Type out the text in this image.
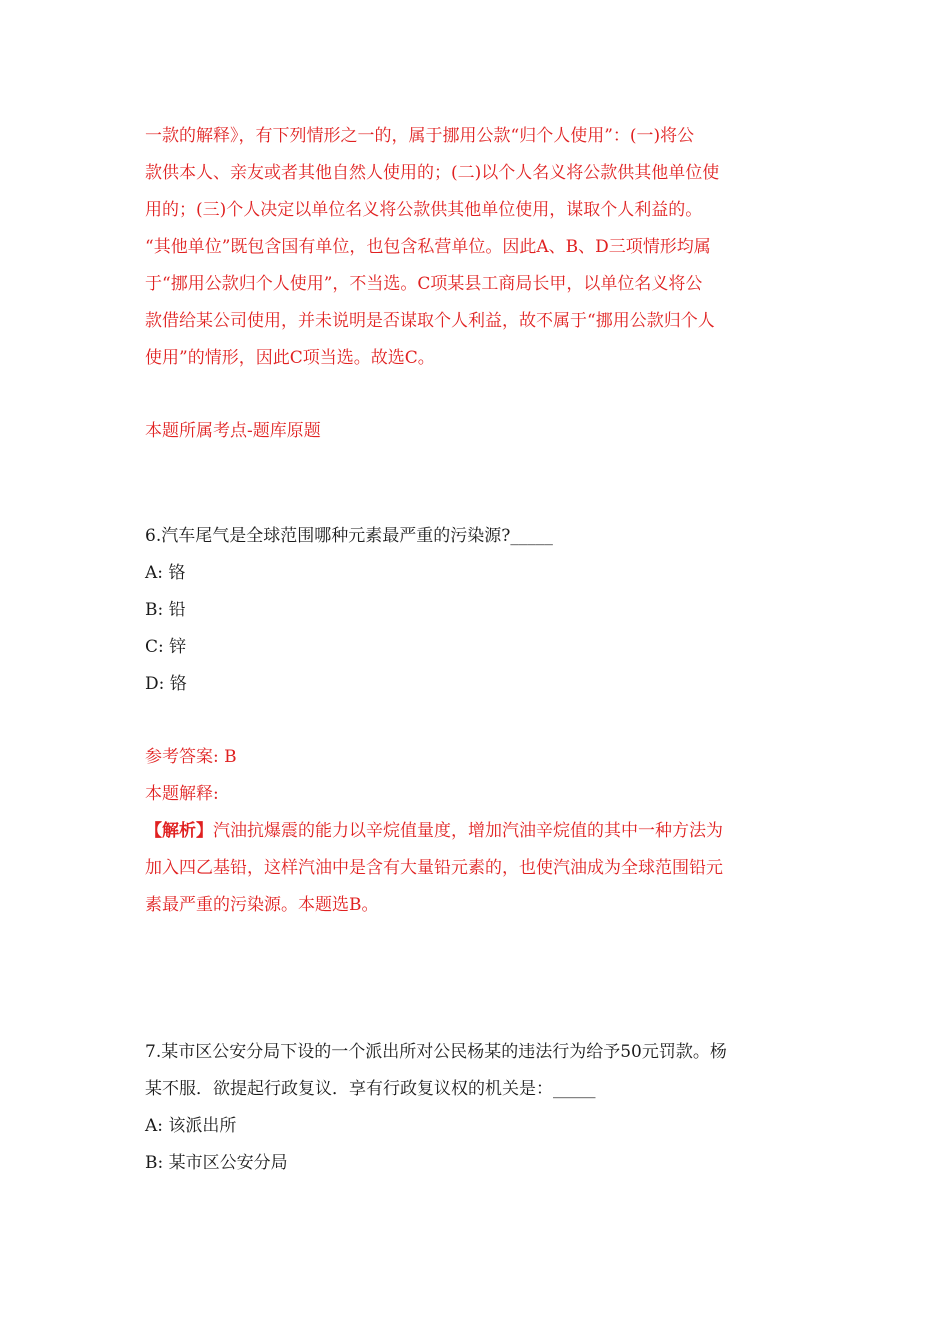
一款的解释》，有下列情形之一的，属于挪用公款“归个人使用”：(一)将公

款供本人、亲友或者其他自然人使用的；(二)以个人名义将公款供其他单位使

用的；(三)个人决定以单位名义将公款供其他单位使用，谋取个人利益的。

“其他单位”既包含国有单位，也包含私营单位。因此A、B、D三项情形均属

于“挪用公款归个人使用”，不当选。C项某县工商局长甲，以单位名义将公

款借给某公司使用，并未说明是否谋取个人利益，故不属于“挪用公款归个人

使用”的情形，因此C项当选。故选C。

本题所属考点-题库原题

6.汽车尾气是全球范围哪种元素最严重的污染源?_____

A: 铬

B: 铅

C: 锌

D: 铬

参考答案: B

本题解释:

【解析】汽油抗爆震的能力以辛烷值量度，增加汽油辛烷值的其中一种方法为

加入四乙基铅，这样汽油中是含有大量铅元素的，也使汽油成为全球范围铅元

素最严重的污染源。本题选B。

7.某市区公安分局下设的一个派出所对公民杨某的违法行为给予50元罚款。杨

某不服．欲提起行政复议．享有行政复议权的机关是：_____

A: 该派出所

B: 某市区公安分局
